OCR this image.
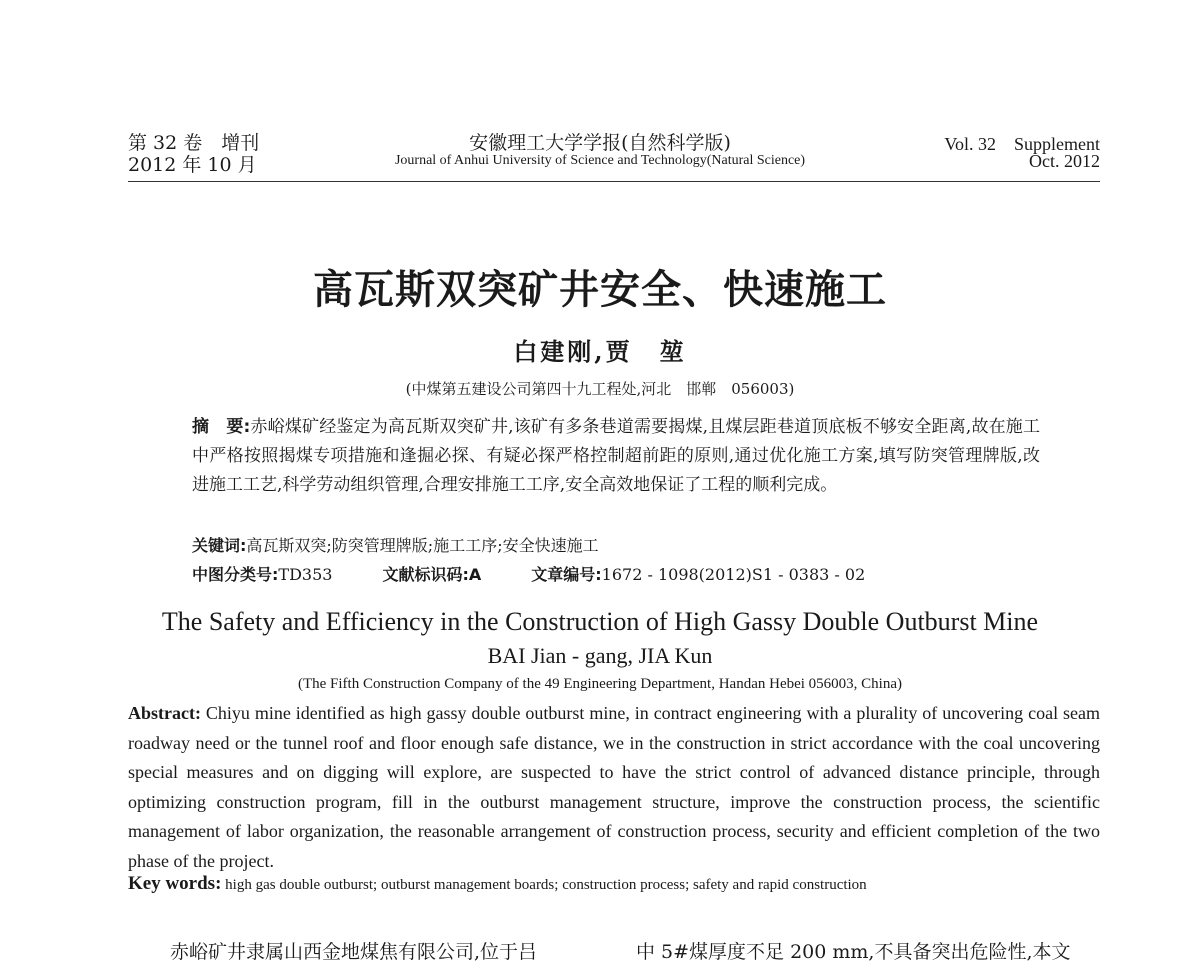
第 32 卷　增刊
2012 年 10 月
安徽理工大学学报(自然科学版)
Journal of Anhui University of Science and Technology(Natural Science)
Vol. 32　Supplement
Oct. 2012
高瓦斯双突矿井安全、快速施工
白建刚,贾　堃
(中煤第五建设公司第四十九工程处,河北　邯郸　056003)
摘　要:赤峪煤矿经鉴定为高瓦斯双突矿井,该矿有多条巷道需要揭煤,且煤层距巷道顶底板不够安全距离,故在施工中严格按照揭煤专项措施和逢掘必探、有疑必探严格控制超前距的原则,通过优化施工方案,填写防突管理牌版,改进施工工艺,科学劳动组织管理,合理安排施工工序,安全高效地保证了工程的顺利完成。
关键词:高瓦斯双突;防突管理牌版;施工工序;安全快速施工
中图分类号:TD353	文献标识码:A	文章编号:1672 - 1098(2012)S1 - 0383 - 02
The Safety and Efficiency in the Construction of High Gassy Double Outburst Mine
BAI Jian - gang, JIA Kun
(The Fifth Construction Company of the 49 Engineering Department, Handan Hebei 056003, China)
Abstract: Chiyu mine identified as high gassy double outburst mine, in contract engineering with a plurality of uncovering coal seam roadway need or the tunnel roof and floor enough safe distance, we in the construction in strict accordance with the coal uncovering special measures and on digging will explore, are suspected to have the strict control of advanced distance principle, through optimizing construction program, fill in the outburst management structure, improve the construction process, the scientific management of labor organization, the reasonable arrangement of construction process, security and efficient completion of the two phase of the project.
Key words: high gas double outburst; outburst management boards; construction process; safety and rapid construction
赤峪矿井隶属山西金地煤焦有限公司,位于吕	中 5#煤厚度不足 200 mm,不具备突出危险性,本文
